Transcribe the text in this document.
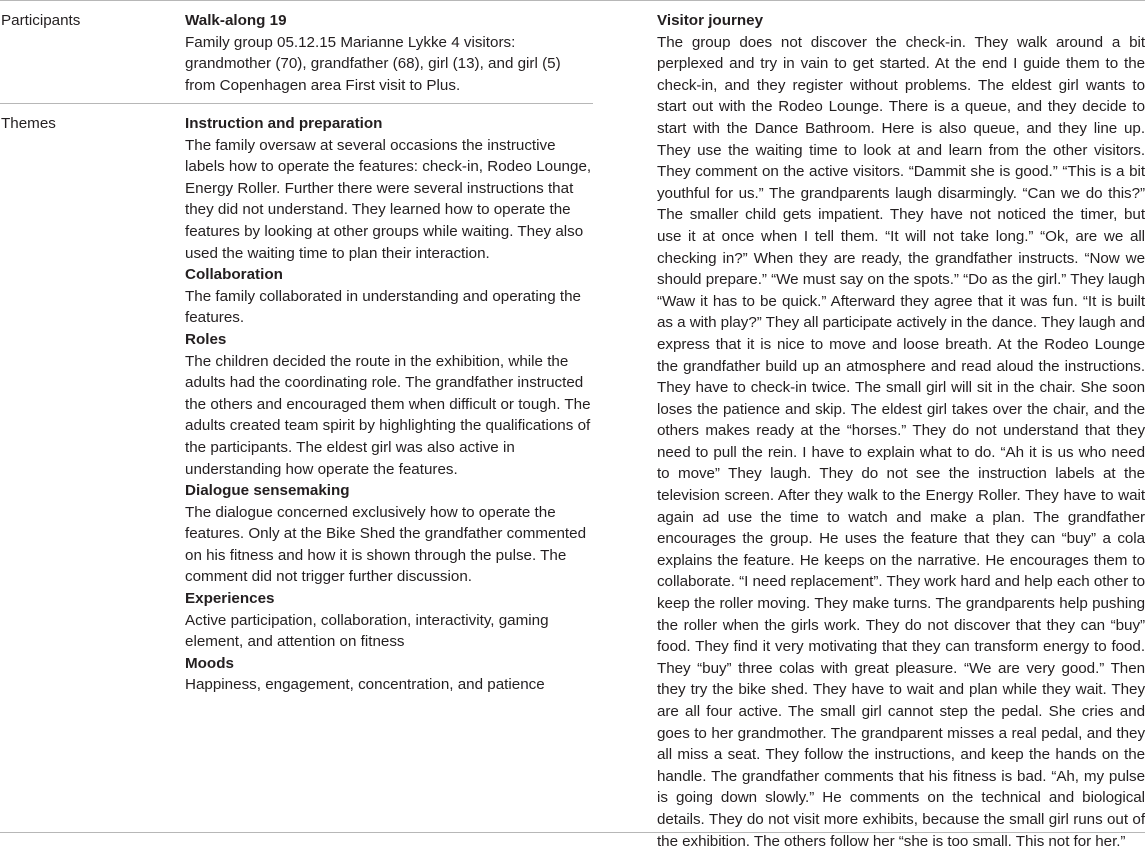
Participants	Walk-along 19

Family group 05.12.15 Marianne Lykke 4 visitors: grandmother (70), grandfather (68), girl (13), and girl (5) from Copenhagen area First visit to Plus.

Themes	Instruction and preparation

The family oversaw at several occasions the instructive labels how to operate the features: check-in, Rodeo Lounge, Energy Roller. Further there were several instructions that they did not understand. They learned how to operate the features by looking at other groups while waiting. They also used the waiting time to plan their interaction.

Collaboration

The family collaborated in understanding and operating the features.

Roles

The children decided the route in the exhibition, while the adults had the coordinating role. The grandfather instructed the others and encouraged them when difficult or tough. The adults created team spirit by highlighting the qualifications of the participants. The eldest girl was also active in understanding how operate the features.

Dialogue sensemaking

The dialogue concerned exclusively how to operate the features. Only at the Bike Shed the grandfather commented on his fitness and how it is shown through the pulse. The comment did not trigger further discussion.

Experiences

Active participation, collaboration, interactivity, gaming element, and attention on fitness

Moods

Happiness, engagement, concentration, and patience

Visitor journey

The group does not discover the check-in. They walk around a bit perplexed and try in vain to get started. At the end I guide them to the check-in, and they register without problems. The eldest girl wants to start out with the Rodeo Lounge. There is a queue, and they decide to start with the Dance Bathroom. Here is also queue, and they line up. They use the waiting time to look at and learn from the other visitors. They comment on the active visitors. “Dammit she is good.” “This is a bit youthful for us.” The grandparents laugh disarmingly. “Can we do this?” The smaller child gets impatient. They have not noticed the timer, but use it at once when I tell them. “It will not take long.” “Ok, are we all checking in?” When they are ready, the grandfather instructs. “Now we should prepare.” “We must say on the spots.” “Do as the girl.” They laugh “Waw it has to be quick.” Afterward they agree that it was fun. “It is built as a with play?” They all participate actively in the dance. They laugh and express that it is nice to move and loose breath. At the Rodeo Lounge the grandfather build up an atmosphere and read aloud the instructions. They have to check-in twice. The small girl will sit in the chair. She soon loses the patience and skip. The eldest girl takes over the chair, and the others makes ready at the “horses.” They do not understand that they need to pull the rein. I have to explain what to do. “Ah it is us who need to move” They laugh. They do not see the instruction labels at the television screen. After they walk to the Energy Roller. They have to wait again ad use the time to watch and make a plan. The grandfather encourages the group. He uses the feature that they can “buy” a cola explains the feature. He keeps on the narrative. He encourages them to collaborate. “I need replacement”. They work hard and help each other to keep the roller moving. They make turns. The grandparents help pushing the roller when the girls work. They do not discover that they can “buy” food. They find it very motivating that they can transform energy to food. They “buy” three colas with great pleasure. “We are very good.” Then they try the bike shed. They have to wait and plan while they wait. They are all four active. The small girl cannot step the pedal. She cries and goes to her grandmother. The grandparent misses a real pedal, and they all miss a seat. They follow the instructions, and keep the hands on the handle. The grandfather comments that his fitness is bad. “Ah, my pulse is going down slowly.” He comments on the technical and biological details. They do not visit more exhibits, because the small girl runs out of the exhibition. The others follow her “she is too small. This not for her.”
